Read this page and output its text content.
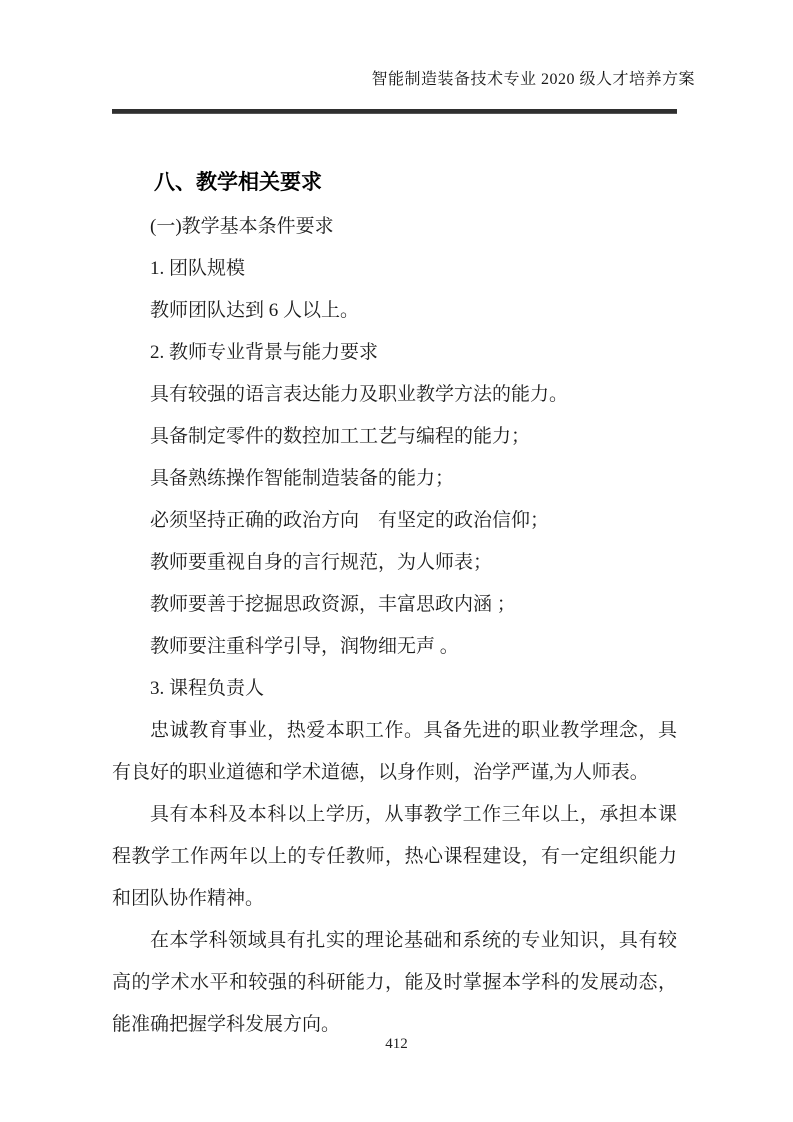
智能制造装备技术专业 2020 级人才培养方案
八、教学相关要求

(一)教学基本条件要求

1. 团队规模

教师团队达到 6 人以上。

2. 教师专业背景与能力要求

具有较强的语言表达能力及职业教学方法的能力。

具备制定零件的数控加工工艺与编程的能力；

具备熟练操作智能制造装备的能力；

必须坚持正确的政治方向　有坚定的政治信仰；

教师要重视自身的言行规范，为人师表；

教师要善于挖掘思政资源，丰富思政内涵 ；

教师要注重科学引导，润物细无声 。

3. 课程负责人

忠诚教育事业，热爱本职工作。具备先进的职业教学理念，具有良好的职业道德和学术道德，以身作则，治学严谨,为人师表。

具有本科及本科以上学历，从事教学工作三年以上，承担本课程教学工作两年以上的专任教师，热心课程建设，有一定组织能力和团队协作精神。

在本学科领域具有扎实的理论基础和系统的专业知识，具有较高的学术水平和较强的科研能力，能及时掌握本学科的发展动态，能准确把握学科发展方向。

412
